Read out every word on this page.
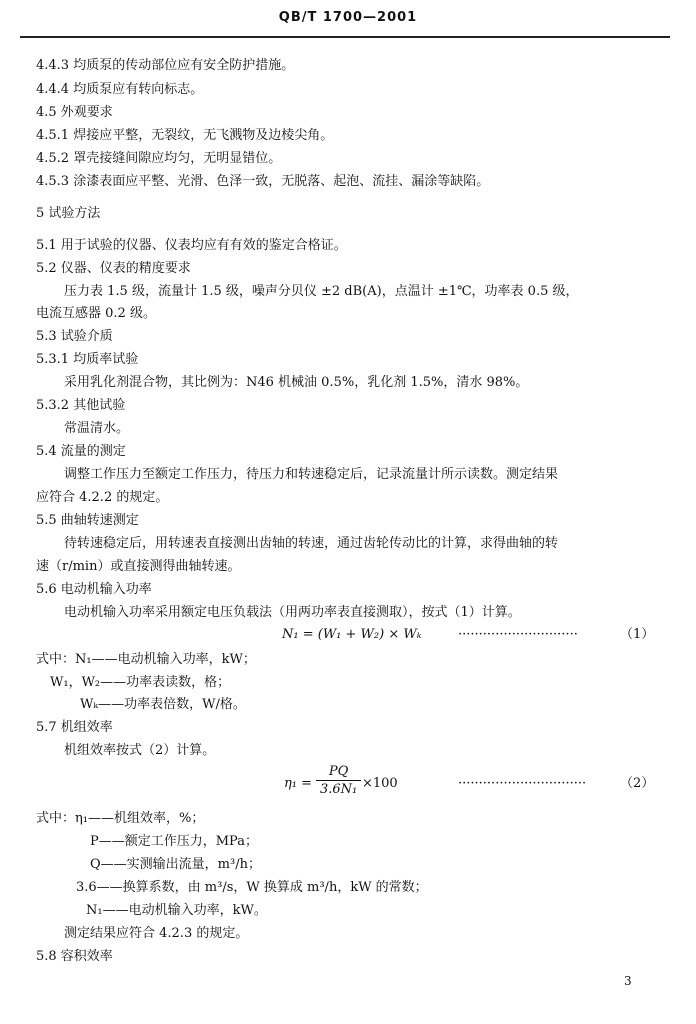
QB/T 1700—2001
4.4.3 均质泵的传动部位应有安全防护措施。
4.4.4 均质泵应有转向标志。
4.5 外观要求
4.5.1 焊接应平整，无裂纹，无飞溅物及边棱尖角。
4.5.2 罩壳接缝间隙应均匀，无明显错位。
4.5.3 涂漆表面应平整、光滑、色泽一致，无脱落、起泡、流挂、漏涂等缺陷。
5 试验方法
5.1 用于试验的仪器、仪表均应有有效的鉴定合格证。
5.2 仪器、仪表的精度要求
压力表 1.5 级，流量计 1.5 级，噪声分贝仪 ±2 dB(A)，点温计 ±1℃，功率表 0.5 级，
电流互感器 0.2 级。
5.3 试验介质
5.3.1 均质率试验
采用乳化剂混合物，其比例为：N46 机械油 0.5%，乳化剂 1.5%，清水 98%。
5.3.2 其他试验
常温清水。
5.4 流量的测定
调整工作压力至额定工作压力，待压力和转速稳定后，记录流量计所示读数。测定结果
应符合 4.2.2 的规定。
5.5 曲轴转速测定
待转速稳定后，用转速表直接测出齿轴的转速，通过齿轮传动比的计算，求得曲轴的转
速（r/min）或直接测得曲轴转速。
5.6 电动机输入功率
电动机输入功率采用额定电压负载法（用两功率表直接测取），按式（1）计算。
N₁ = (W₁ + W₂) × Wₖ	·····························	（1）
式中：N₁——电动机输入功率，kW；
W₁，W₂——功率表读数，格；
Wₖ——功率表倍数，W/格。
5.7 机组效率
机组效率按式（2）计算。
η₁ =
PQ
3.6N₁ ×100	·······························	（2）
式中：η₁——机组效率，%；
P——额定工作压力，MPa；
Q——实测输出流量，m³/h；
3.6——换算系数，由 m³/s，W 换算成 m³/h，kW 的常数；
N₁——电动机输入功率，kW。
测定结果应符合 4.2.3 的规定。
5.8 容积效率
3
